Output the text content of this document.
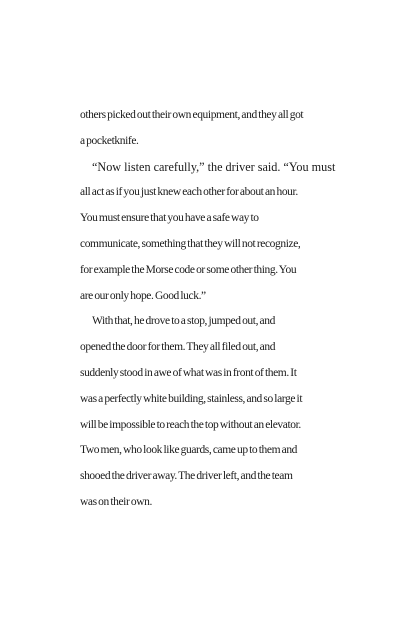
others picked out their own equipment, and they all got
a pocketknife.
“Now listen carefully,” the driver said. “You must
all act as if you just knew each other for about an hour.
You must ensure that you have a safe way to
communicate, something that they will not recognize,
for example the Morse code or some other thing. You
are our only hope. Good luck.”
With that, he drove to a stop, jumped out, and
opened the door for them. They all filed out, and
suddenly stood in awe of what was in front of them. It
was a perfectly white building, stainless, and so large it
will be impossible to reach the top without an elevator.
Two men, who look like guards, came up to them and
shooed the driver away. The driver left, and the team
was on their own.
